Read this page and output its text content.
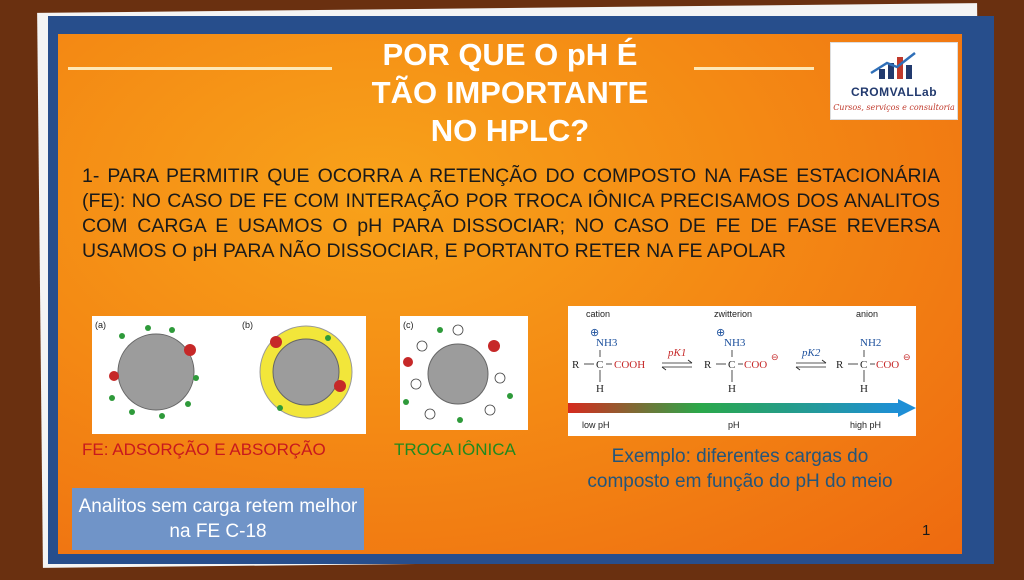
POR QUE O pH É
TÃO IMPORTANTE
NO HPLC?
CROMVALLab
Cursos, serviços e consultoria
1- PARA PERMITIR QUE OCORRA A RETENÇÃO DO COMPOSTO NA FASE ESTACIONÁRIA (FE): NO CASO DE FE COM INTERAÇÃO POR TROCA IÔNICA PRECISAMOS DOS ANALITOS COM CARGA E USAMOS O pH PARA DISSOCIAR; NO CASO DE FE DE FASE REVERSA USAMOS O pH PARA NÃO DISSOCIAR, E PORTANTO RETER NA FE APOLAR
(a)	(b)	(c)
cation	zwitterion	anion
⊕
NH3
⊕
NH3	NH2
R C
H
R C
H
R C
H
COOH	COO	COO
⊖	⊖
pK1	pK2
low pH	pH	high pH
FE: ADSORÇÃO E ABSORÇÃO	TROCA IÔNICA	Exemplo: diferentes cargas do composto em função do pH do meio
Analitos sem carga retem melhor na FE C-18	1
